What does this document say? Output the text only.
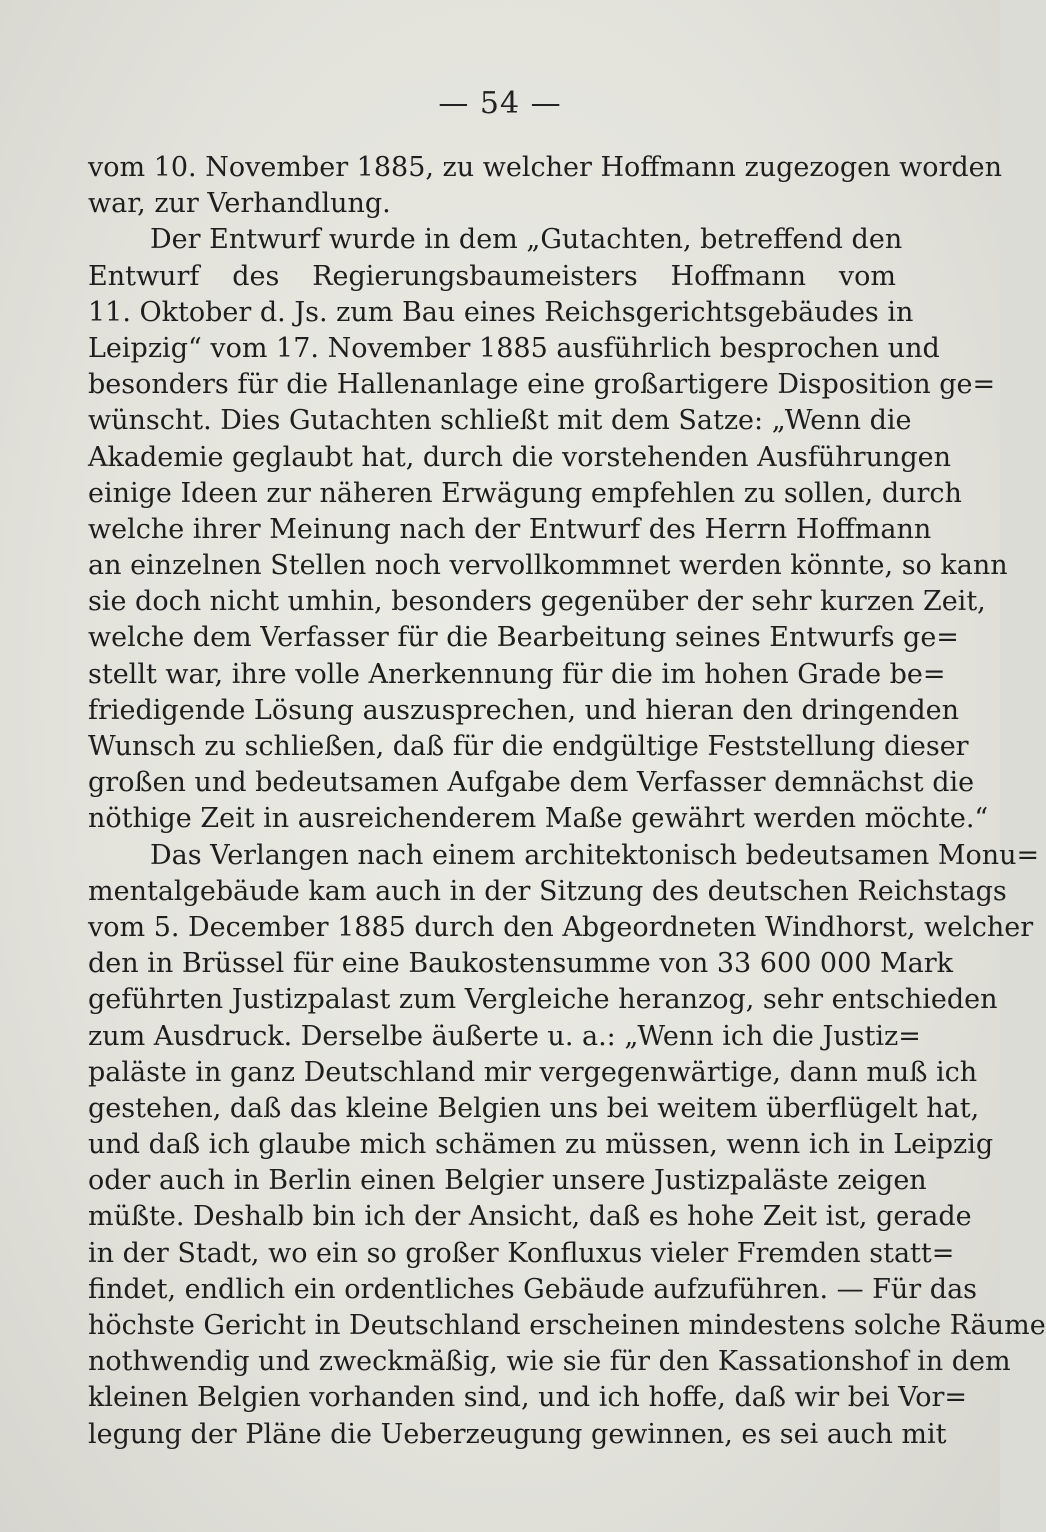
— 54 —
vom 10. November 1885, zu welcher Hoffmann zugezogen worden
war, zur Verhandlung.
Der Entwurf wurde in dem „Gutachten, betreffend den
Entwurf des Regierungsbaumeisters Hoffmann vom
11. Oktober d. Js. zum Bau eines Reichsgerichtsgebäudes in
Leipzig“ vom 17. November 1885 ausführlich besprochen und
besonders für die Hallenanlage eine großartigere Disposition ge=
wünscht. Dies Gutachten schließt mit dem Satze: „Wenn die
Akademie geglaubt hat, durch die vorstehenden Ausführungen
einige Ideen zur näheren Erwägung empfehlen zu sollen, durch
welche ihrer Meinung nach der Entwurf des Herrn Hoffmann
an einzelnen Stellen noch vervollkommnet werden könnte, so kann
sie doch nicht umhin, besonders gegenüber der sehr kurzen Zeit,
welche dem Verfasser für die Bearbeitung seines Entwurfs ge=
stellt war, ihre volle Anerkennung für die im hohen Grade be=
friedigende Lösung auszusprechen, und hieran den dringenden
Wunsch zu schließen, daß für die endgültige Feststellung dieser
großen und bedeutsamen Aufgabe dem Verfasser demnächst die
nöthige Zeit in ausreichenderem Maße gewährt werden möchte.“
Das Verlangen nach einem architektonisch bedeutsamen Monu=
mentalgebäude kam auch in der Sitzung des deutschen Reichstags
vom 5. December 1885 durch den Abgeordneten Windhorst, welcher
den in Brüssel für eine Baukostensumme von 33 600 000 Mark
geführten Justizpalast zum Vergleiche heranzog, sehr entschieden
zum Ausdruck. Derselbe äußerte u. a.: „Wenn ich die Justiz=
paläste in ganz Deutschland mir vergegenwärtige, dann muß ich
gestehen, daß das kleine Belgien uns bei weitem überflügelt hat,
und daß ich glaube mich schämen zu müssen, wenn ich in Leipzig
oder auch in Berlin einen Belgier unsere Justizpaläste zeigen
müßte. Deshalb bin ich der Ansicht, daß es hohe Zeit ist, gerade
in der Stadt, wo ein so großer Konfluxus vieler Fremden statt=
findet, endlich ein ordentliches Gebäude aufzuführen. — Für das
höchste Gericht in Deutschland erscheinen mindestens solche Räume
nothwendig und zweckmäßig, wie sie für den Kassationshof in dem
kleinen Belgien vorhanden sind, und ich hoffe, daß wir bei Vor=
legung der Pläne die Ueberzeugung gewinnen, es sei auch mit
